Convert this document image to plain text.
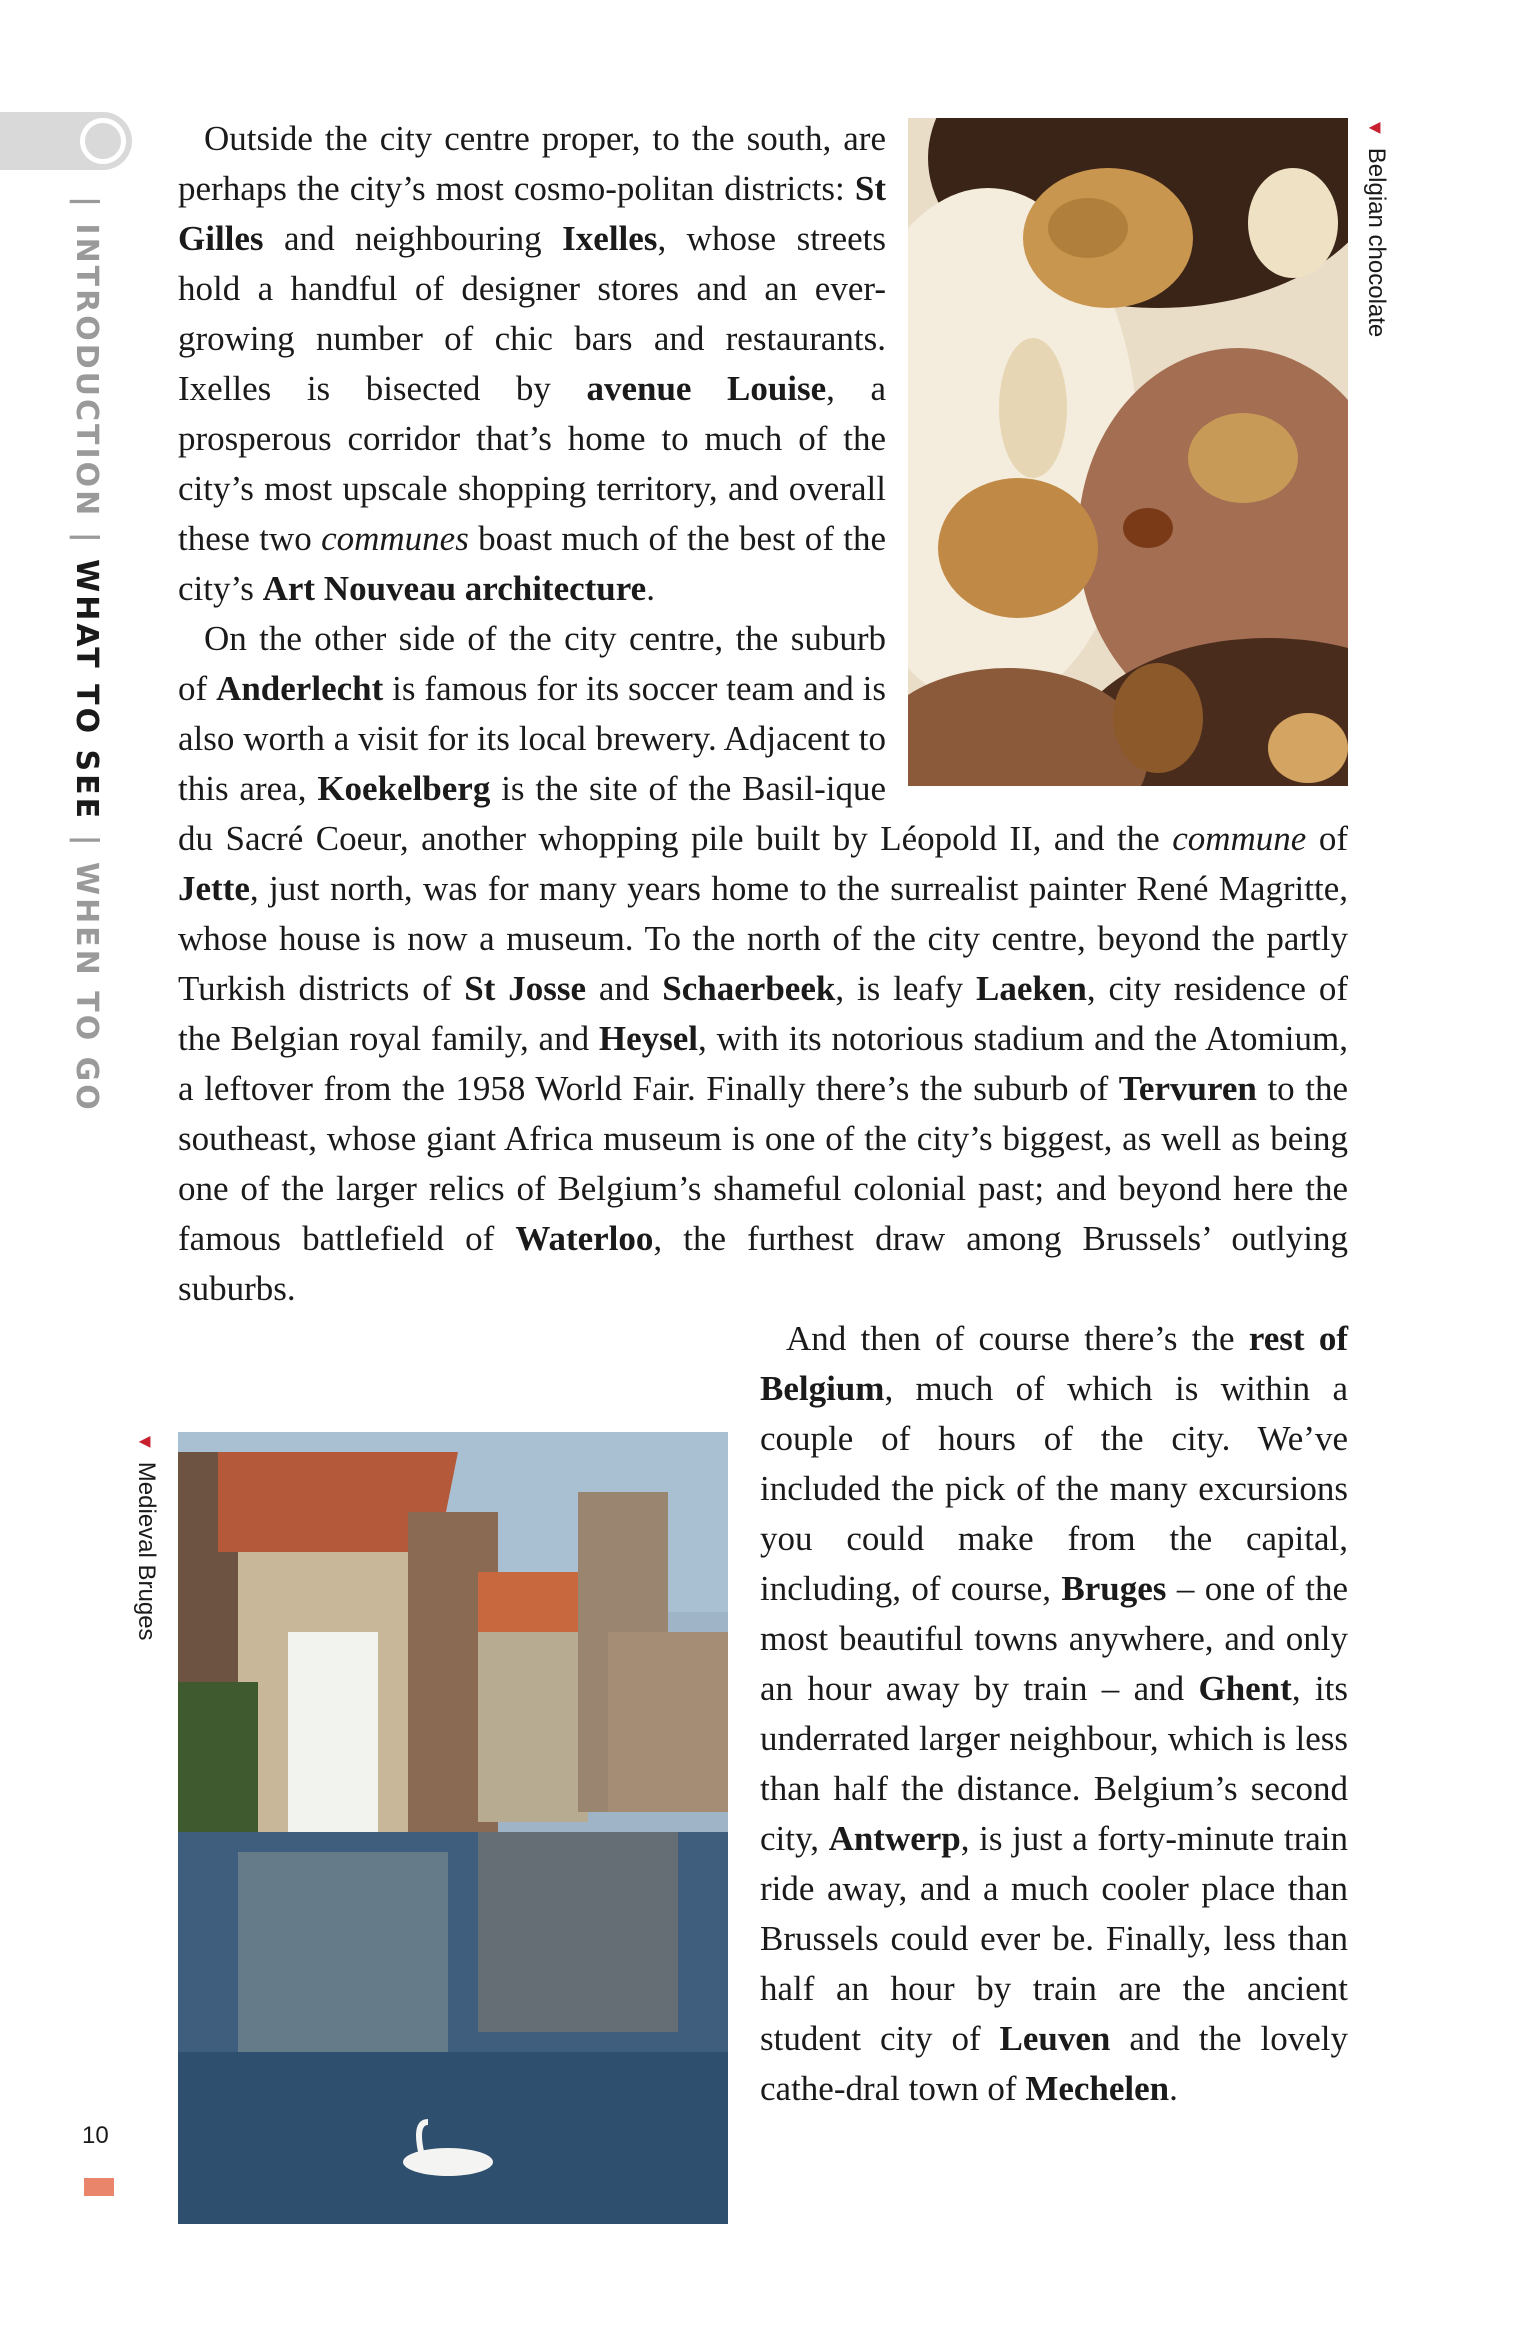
| INTRODUCTION | WHAT TO SEE | WHEN TO GO
▼Belgian chocolate
▼Medieval Bruges

Outside the city centre proper, to the south, are perhaps the city’s most cosmo-politan districts: St Gilles and neighbouring Ixelles, whose streets hold a handful of designer stores and an ever-growing number of chic bars and restaurants. Ixelles is bisected by avenue Louise, a prosperous corridor that’s home to much of the city’s most upscale shopping territory, and overall these two communes boast much of the best of the city’s Art Nouveau architecture.

On the other side of the city centre, the suburb of Anderlecht is famous for its soccer team and is also worth a visit for its local brewery. Adjacent to this area, Koekelberg is the site of the Basil-ique du Sacré Coeur, another whopping pile built by Léopold II, and the commune of Jette, just north, was for many years home to the surrealist painter René Magritte, whose house is now a museum. To the north of the city centre, beyond the partly Turkish districts of St Josse and Schaerbeek, is leafy Laeken, city residence of the Belgian royal family, and Heysel, with its notorious stadium and the Atomium, a leftover from the 1958 World Fair. Finally there’s the suburb of Tervuren to the southeast, whose giant Africa museum is one of the city’s biggest, as well as being one of the larger relics of Belgium’s shameful colonial past; and beyond here the famous battlefield of Waterloo, the furthest draw among Brussels’ outlying suburbs.

And then of course there’s the rest of Belgium, much of which is within a couple of hours of the city. We’ve included the pick of the many excursions you could make from the capital, including, of course, Bruges – one of the most beautiful towns anywhere, and only an hour away by train – and Ghent, its underrated larger neighbour, which is less than half the distance. Belgium’s second city, Antwerp, is just a forty-minute train ride away, and a much cooler place than Brussels could ever be. Finally, less than half an hour by train are the ancient student city of Leuven and the lovely cathe-dral town of Mechelen.

10
